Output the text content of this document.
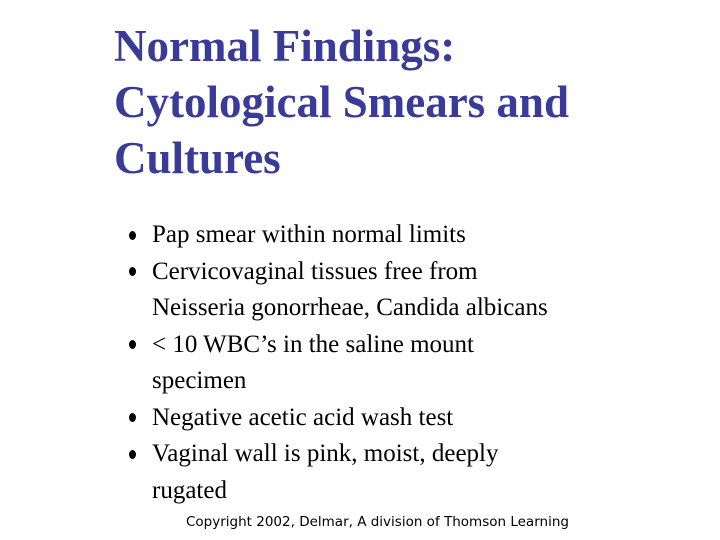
Normal Findings:
Cytological Smears and
Cultures
Pap smear within normal limits
Cervicovaginal tissues free from
Neisseria gonorrheae, Candida albicans
< 10 WBC’s in the saline mount
specimen
Negative acetic acid wash test
Vaginal wall is pink, moist, deeply
rugated
Copyright 2002, Delmar, A division of Thomson Learning
